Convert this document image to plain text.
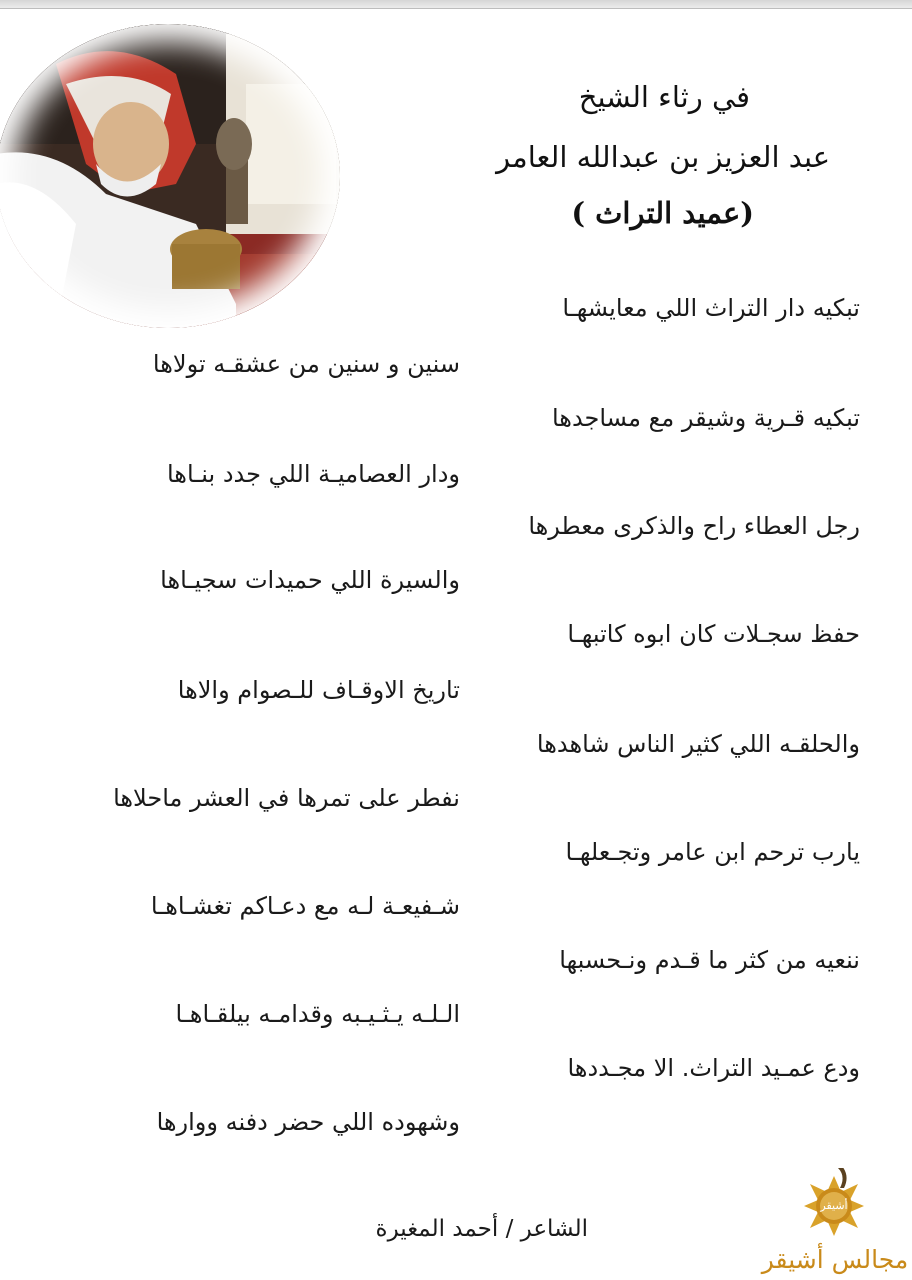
في رثاء الشيخ
عبد العزيز بن عبدالله العامر
(عميد التراث )
تبكيه دار التراث اللي معايشهـا
سنين و سنين من عشقـه تولاها
تبكيه قـرية وشيقر مع مساجدها
ودار العصاميـة اللي جدد بنـاها
رجل العطاء راح والذكرى معطرها
والسيرة اللي حميدات سجيـاها
حفظ سجـلات كان ابوه كاتبهـا
تاريخ الاوقـاف للـصوام والاها
والحلقـه اللي كثير الناس شاهدها
نفطر على تمرها في العشر ماحلاها
يارب ترحم ابن عامر وتجـعلهـا
شـفيعـة لـه مع دعـاكم تغشـاهـا
ننعيه من كثر ما قـدم ونـحسبها
الـلـه يـثـيـبه وقدامـه بيلقـاهـا
ودع عمـيد التراث. الا مجـددها
وشهوده اللي حضر دفنه ووارها
الشاعر / أحمد المغيرة
أشيقر
مجالس أشيقر
